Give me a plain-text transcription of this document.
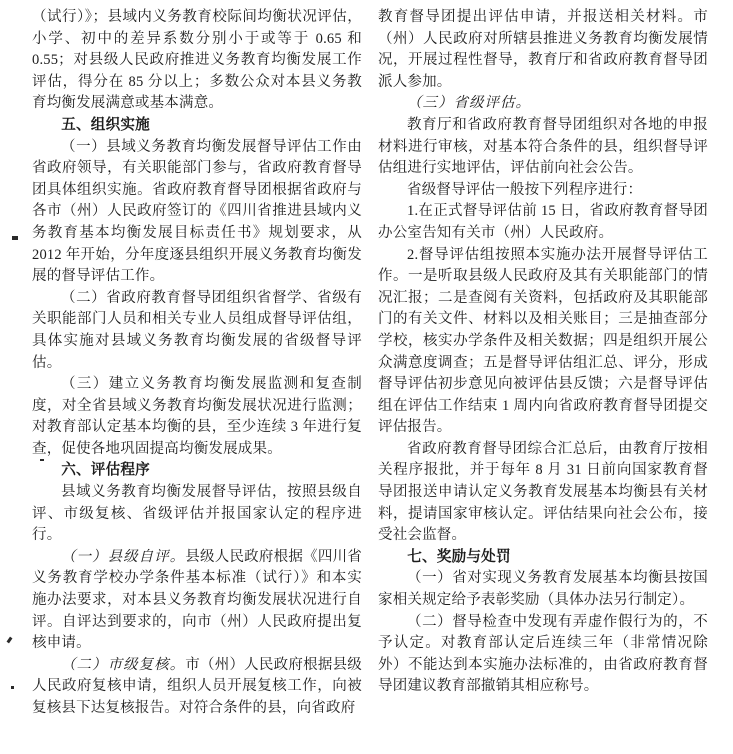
（试行）》；县域内义务教育校际间均衡状况评估，小学、初中的差异系数分别小于或等于 0.65 和 0.55；对县级人民政府推进义务教育均衡发展工作评估，得分在 85 分以上；多数公众对本县义务教育均衡发展满意或基本满意。

五、组织实施

（一）县域义务教育均衡发展督导评估工作由省政府领导，有关职能部门参与，省政府教育督导团具体组织实施。省政府教育督导团根据省政府与各市（州）人民政府签订的《四川省推进县域内义务教育基本均衡发展目标责任书》规划要求，从 2012 年开始，分年度逐县组织开展义务教育均衡发展的督导评估工作。

（二）省政府教育督导团组织省督学、省级有关职能部门人员和相关专业人员组成督导评估组，具体实施对县域义务教育均衡发展的省级督导评估。

（三）建立义务教育均衡发展监测和复查制度，对全省县域义务教育均衡发展状况进行监测；对教育部认定基本均衡的县，至少连续 3 年进行复查，促使各地巩固提高均衡发展成果。

六、评估程序

县域义务教育均衡发展督导评估，按照县级自评、市级复核、省级评估并报国家认定的程序进行。

（一）县级自评。县级人民政府根据《四川省义务教育学校办学条件基本标准（试行）》和本实施办法要求，对本县义务教育均衡发展状况进行自评。自评达到要求的，向市（州）人民政府提出复核申请。

（二）市级复核。市（州）人民政府根据县级人民政府复核申请，组织人员开展复核工作，向被复核县下达复核报告。对符合条件的县，向省政府

教育督导团提出评估申请，并报送相关材料。市（州）人民政府对所辖县推进义务教育均衡发展情况，开展过程性督导，教育厅和省政府教育督导团派人参加。

（三）省级评估。

教育厅和省政府教育督导团组织对各地的申报材料进行审核，对基本符合条件的县，组织督导评估组进行实地评估，评估前向社会公告。

省级督导评估一般按下列程序进行：

1.在正式督导评估前 15 日，省政府教育督导团办公室告知有关市（州）人民政府。

2.督导评估组按照本实施办法开展督导评估工作。一是听取县级人民政府及其有关职能部门的情况汇报；二是查阅有关资料，包括政府及其职能部门的有关文件、材料以及相关账目；三是抽查部分学校，核实办学条件及相关数据；四是组织开展公众满意度调查；五是督导评估组汇总、评分，形成督导评估初步意见向被评估县反馈；六是督导评估组在评估工作结束 1 周内向省政府教育督导团提交评估报告。

省政府教育督导团综合汇总后，由教育厅按相关程序报批，并于每年 8 月 31 日前向国家教育督导团报送申请认定义务教育发展基本均衡县有关材料，提请国家审核认定。评估结果向社会公布，接受社会监督。

七、奖励与处罚

（一）省对实现义务教育发展基本均衡县按国家相关规定给予表彰奖励（具体办法另行制定）。

（二）督导检查中发现有弄虚作假行为的，不予认定。对教育部认定后连续三年（非常情况除外）不能达到本实施办法标准的，由省政府教育督导团建议教育部撤销其相应称号。
